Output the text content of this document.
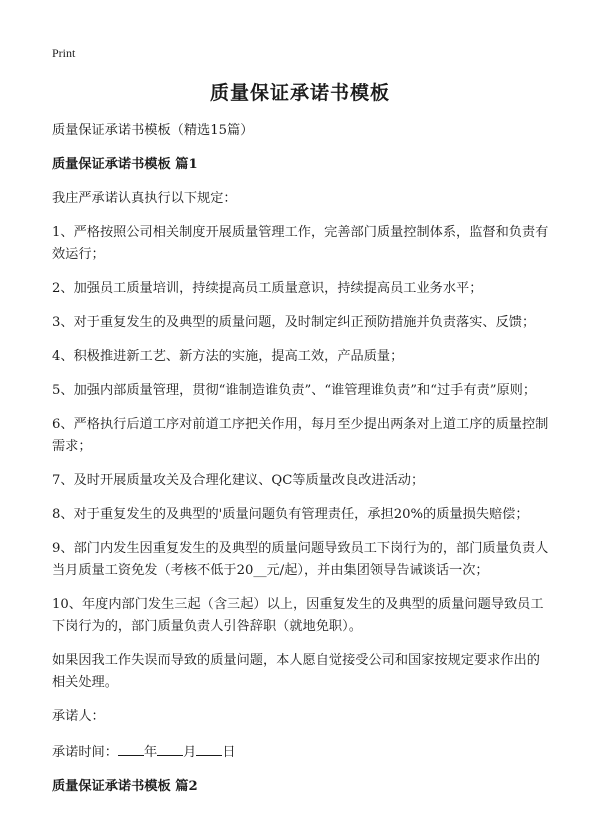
Print
质量保证承诺书模板

质量保证承诺书模板（精选15篇）

质量保证承诺书模板 篇1

我庄严承诺认真执行以下规定：

1、严格按照公司相关制度开展质量管理工作，完善部门质量控制体系，监督和负责有效运行；

2、加强员工质量培训，持续提高员工质量意识，持续提高员工业务水平；

3、对于重复发生的及典型的质量问题，及时制定纠正预防措施并负责落实、反馈；

4、积极推进新工艺、新方法的实施，提高工效，产品质量；

5、加强内部质量管理，贯彻“谁制造谁负责”、“谁管理谁负责”和“过手有责”原则；

6、严格执行后道工序对前道工序把关作用，每月至少提出两条对上道工序的质量控制需求；

7、及时开展质量攻关及合理化建议、QC等质量改良改进活动；

8、对于重复发生的及典型的'质量问题负有管理责任，承担20%的质量损失赔偿；

9、部门内发生因重复发生的及典型的质量问题导致员工下岗行为的，部门质量负责人当月质量工资免发（考核不低于20__元/起），并由集团领导告诫谈话一次；

10、年度内部门发生三起（含三起）以上，因重复发生的及典型的质量问题导致员工下岗行为的，部门质量负责人引咎辞职（就地免职）。

如果因我工作失误而导致的质量问题，本人愿自觉接受公司和国家按规定要求作出的相关处理。

承诺人：

承诺时间： 年 月 日

质量保证承诺书模板 篇2
